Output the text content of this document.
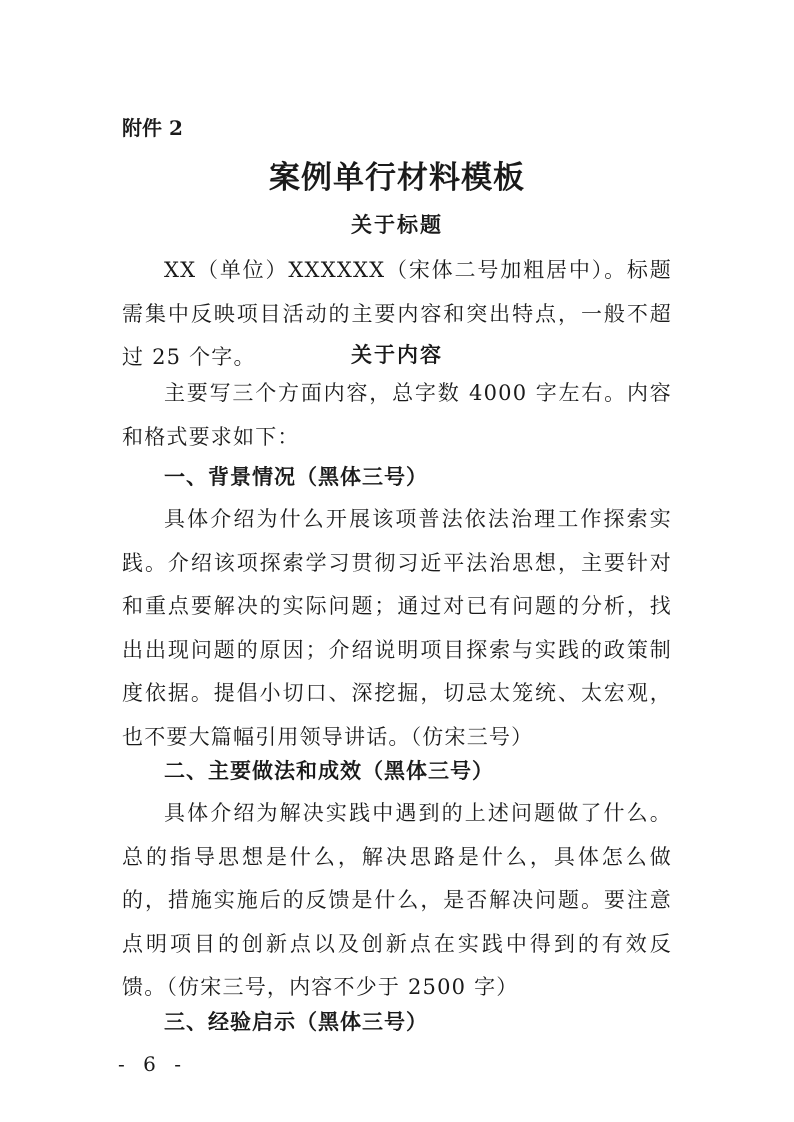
附件 2
案例单行材料模板
关于标题

XX（单位）XXXXXX（宋体二号加粗居中）。标题需集中反映项目活动的主要内容和突出特点，一般不超过 25 个字。	关于内容

主要写三个方面内容，总字数 4000 字左右。内容和格式要求如下：

一、背景情况（黑体三号）

具体介绍为什么开展该项普法依法治理工作探索实践。介绍该项探索学习贯彻习近平法治思想，主要针对和重点要解决的实际问题；通过对已有问题的分析，找出出现问题的原因；介绍说明项目探索与实践的政策制度依据。提倡小切口、深挖掘，切忌太笼统、太宏观，也不要大篇幅引用领导讲话。（仿宋三号）

二、主要做法和成效（黑体三号）

具体介绍为解决实践中遇到的上述问题做了什么。总的指导思想是什么，解决思路是什么，具体怎么做的，措施实施后的反馈是什么，是否解决问题。要注意点明项目的创新点以及创新点在实践中得到的有效反馈。（仿宋三号，内容不少于 2500 字）

三、经验启示（黑体三号）
- 6 -
